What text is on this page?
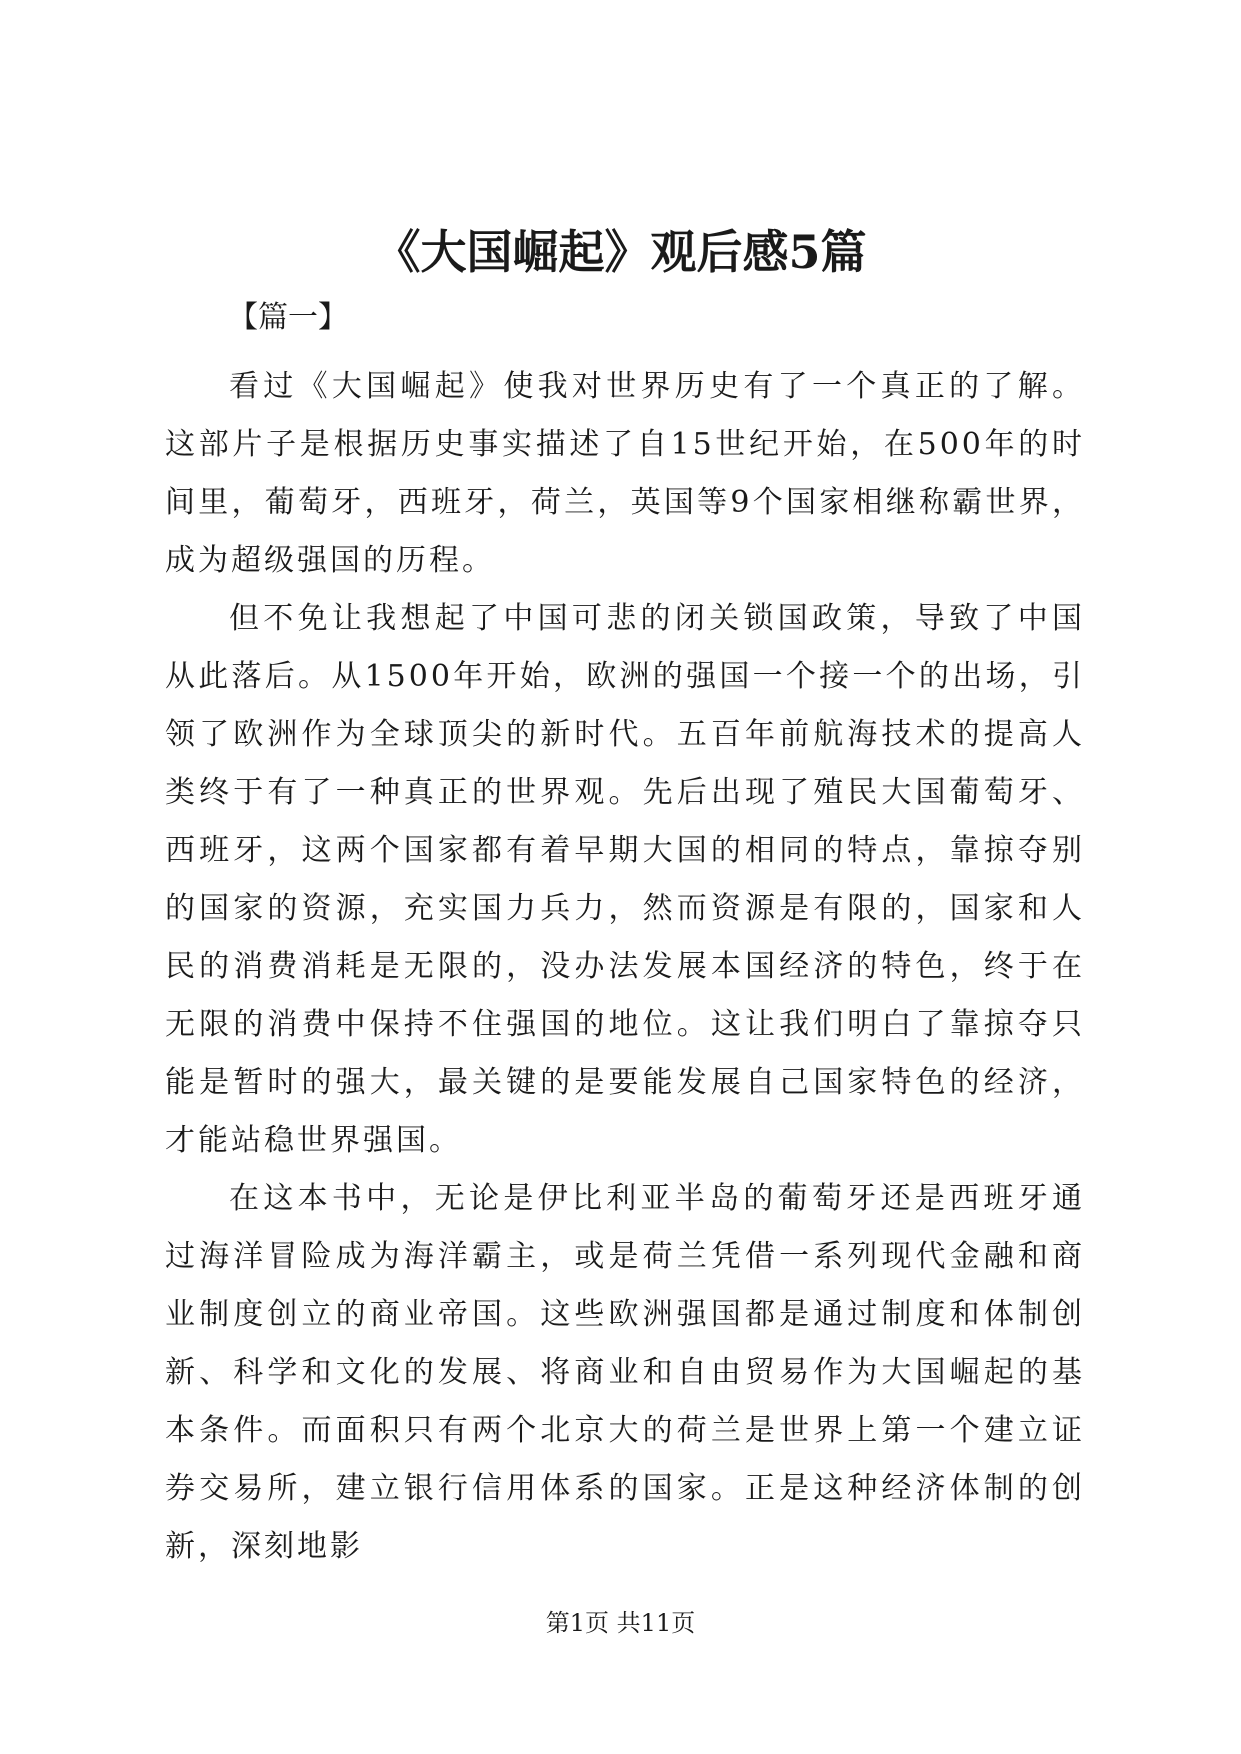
《大国崛起》观后感5篇
【篇一】

看过《大国崛起》使我对世界历史有了一个真正的了解。这部片子是根据历史事实描述了自15世纪开始，在500年的时间里，葡萄牙，西班牙，荷兰，英国等9个国家相继称霸世界，成为超级强国的历程。

但不免让我想起了中国可悲的闭关锁国政策，导致了中国从此落后。从1500年开始，欧洲的强国一个接一个的出场，引领了欧洲作为全球顶尖的新时代。五百年前航海技术的提高人类终于有了一种真正的世界观。先后出现了殖民大国葡萄牙、西班牙，这两个国家都有着早期大国的相同的特点，靠掠夺别的国家的资源，充实国力兵力，然而资源是有限的，国家和人民的消费消耗是无限的，没办法发展本国经济的特色，终于在无限的消费中保持不住强国的地位。这让我们明白了靠掠夺只能是暂时的强大，最关键的是要能发展自己国家特色的经济，才能站稳世界强国。

在这本书中，无论是伊比利亚半岛的葡萄牙还是西班牙通过海洋冒险成为海洋霸主，或是荷兰凭借一系列现代金融和商业制度创立的商业帝国。这些欧洲强国都是通过制度和体制创新、科学和文化的发展、将商业和自由贸易作为大国崛起的基本条件。而面积只有两个北京大的荷兰是世界上第一个建立证券交易所，建立银行信用体系的国家。正是这种经济体制的创新，深刻地影

第1页 共11页
